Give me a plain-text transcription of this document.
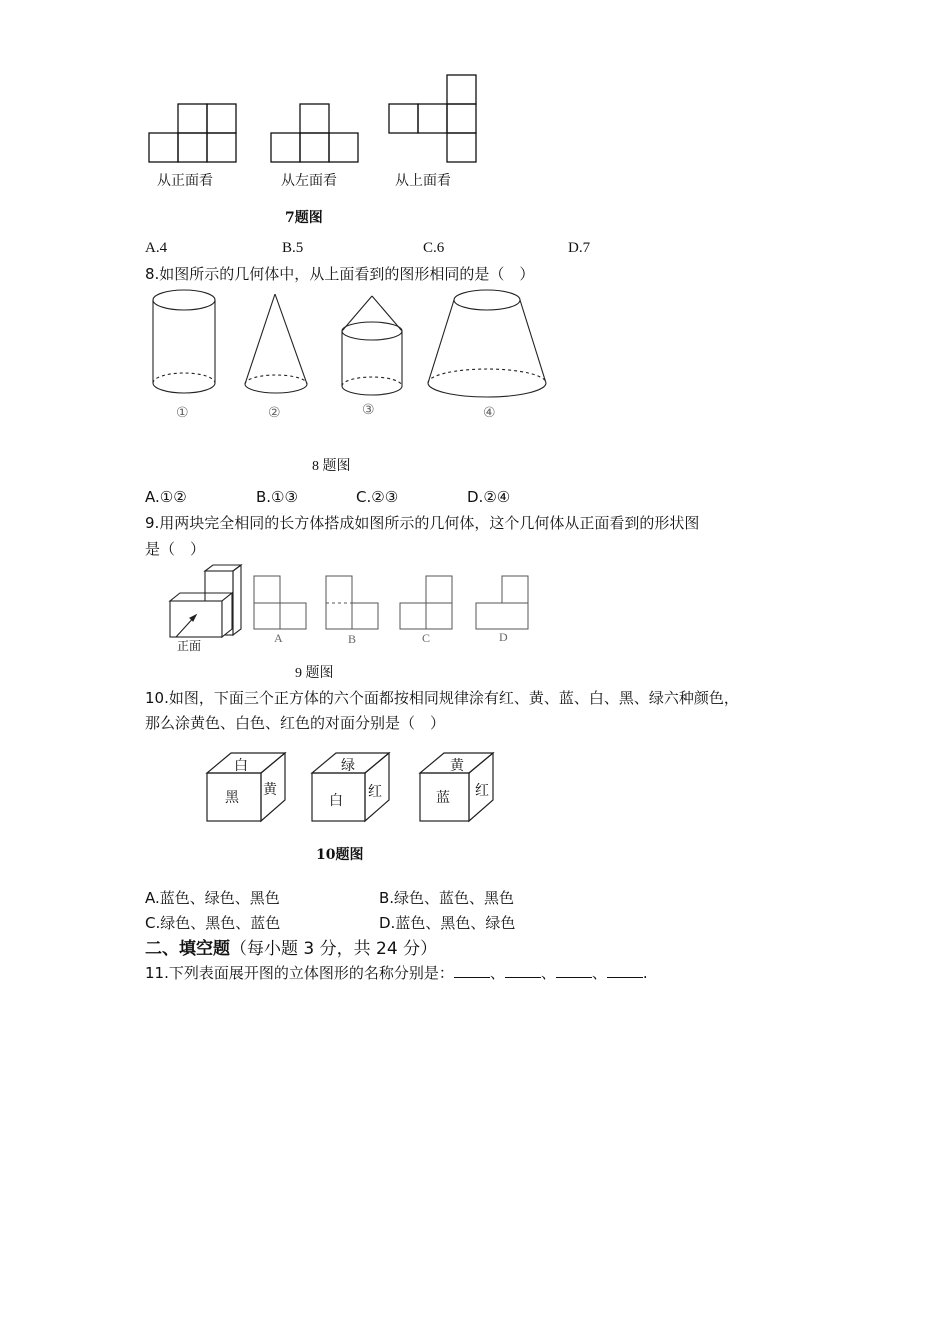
从正面看	从左面看	从上面看
7题图
A.4	B.5	C.6	D.7
8.如图所示的几何体中，从上面看到的图形相同的是（　）
①	②	③	④
8 题图
A.①②	B.①③	C.②③	D.②④
9.用两块完全相同的长方体搭成如图所示的几何体，这个几何体从正面看到的形状图
是（　）
正面
A	B	C	D
9 题图
10.如图，下面三个正方体的六个面都按相同规律涂有红、黄、蓝、白、黑、绿六种颜色，
那么涂黄色、白色、红色的对面分别是（　）
白
黑 黄
绿
白
红
黄
蓝 红
10题图
A.蓝色、绿色、黑色	B.绿色、蓝色、黑色
C.绿色、黑色、蓝色	D.蓝色、黑色、绿色
二、填空题（每小题 3 分，共 24 分）
11.下列表面展开图的立体图形的名称分别是： 、 、 、 .
